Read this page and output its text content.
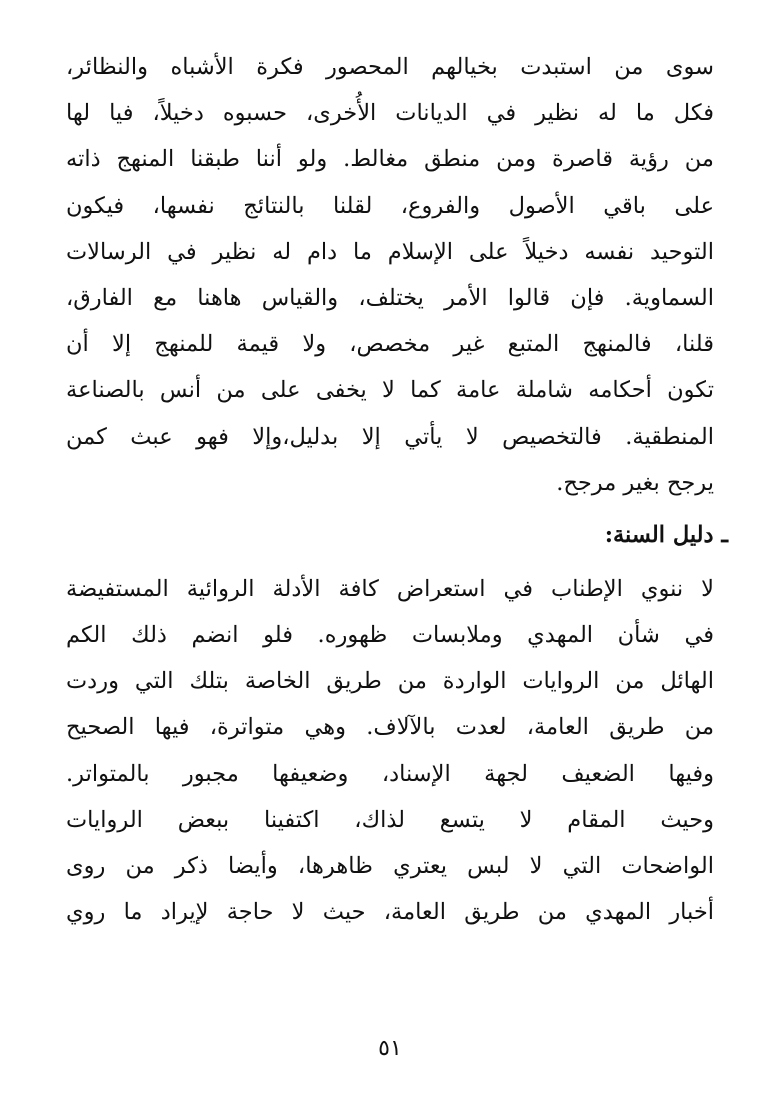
سوى من استبدت بخيالهم المحصور فكرة الأشباه والنظائر،
فكل ما له نظير في الديانات الأُخرى، حسبوه دخيلاً، فيا لها
من رؤية قاصرة ومن منطق مغالط. ولو أننا طبقنا المنهج ذاته
على باقي الأصول والفروع، لقلنا بالنتائج نفسها، فيكون
التوحيد نفسه دخيلاً على الإسلام ما دام له نظير في الرسالات
السماوية. فإن قالوا الأمر يختلف، والقياس هاهنا مع الفارق،
قلنا، فالمنهج المتبع غير مخصص، ولا قيمة للمنهج إلا أن
تكون أحكامه شاملة عامة كما لا يخفى على من أنس بالصناعة
المنطقية. فالتخصيص لا يأتي إلا بدليل،وإلا فهو عبث كمن
يرجح بغير مرجح.
ـ دليل السنة:
لا ننوي الإطناب في استعراض كافة الأدلة الروائية المستفيضة
في شأن المهدي وملابسات ظهوره. فلو انضم ذلك الكم
الهائل من الروايات الواردة من طريق الخاصة بتلك التي وردت
من طريق العامة، لعدت بالآلاف. وهي متواترة، فيها الصحيح
وفيها الضعيف لجهة الإسناد، وضعيفها مجبور بالمتواتر.
وحيث المقام لا يتسع لذاك، اكتفينا ببعض الروايات
الواضحات التي لا لبس يعتري ظاهرها، وأيضا ذكر من روى
أخبار المهدي من طريق العامة، حيث لا حاجة لإيراد ما روي
٥١
